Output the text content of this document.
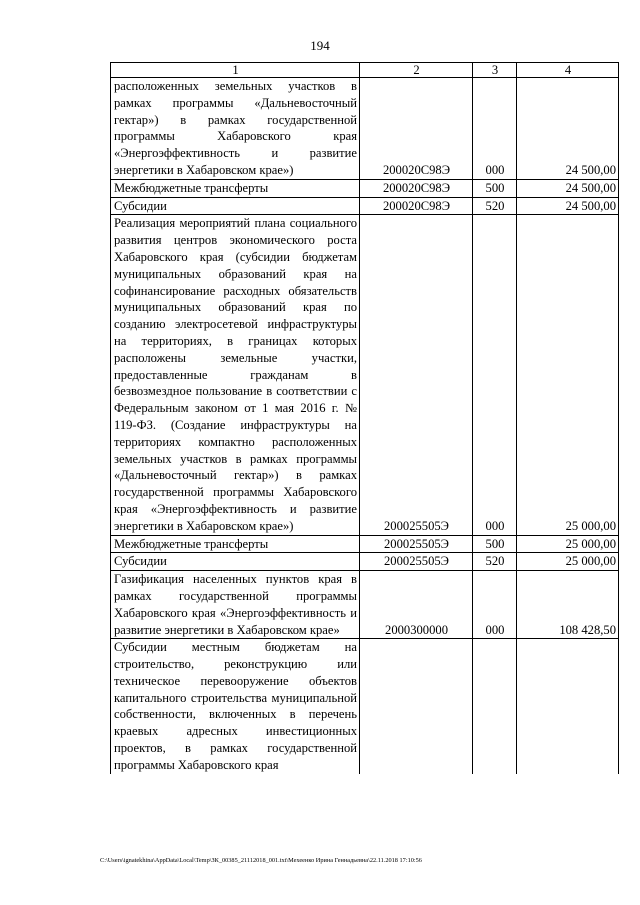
194
1	2	3	4
расположенных земельных участков в рамках программы «Дальневосточный гектар») в рамках государственной программы Хабаровского края «Энергоэффективность и развитие энергетики в Хабаровском крае»)	200020С98Э	000	24 500,00
Межбюджетные трансферты	200020С98Э	500	24 500,00
Субсидии	200020С98Э	520	24 500,00
Реализация мероприятий плана социального развития центров экономического роста Хабаровского края (субсидии бюджетам муниципальных образований края на софинансирование расходных обязательств муниципальных образований края по созданию электросетевой инфраструктуры на территориях, в границах которых расположены земельные участки, предоставленные гражданам в безвозмездное пользование в соответствии с Федеральным законом от 1 мая 2016 г. № 119-ФЗ. (Создание инфраструктуры на территориях компактно расположенных земельных участков в рамках программы «Дальневосточный гектар») в рамках государственной программы Хабаровского края «Энергоэффективность и развитие энергетики в Хабаровском крае»)	200025505Э	000	25 000,00
Межбюджетные трансферты	200025505Э	500	25 000,00
Субсидии	200025505Э	520	25 000,00
Газификация населенных пунктов края в рамках государственной программы Хабаровского края «Энергоэффективность и развитие энергетики в Хабаровском крае»	2000300000	000	108 428,50
Субсидии местным бюджетам на строительство, реконструкцию или техническое перевооружение объектов капитального строительства муниципальной собственности, включенных в перечень краевых адресных инвестиционных проектов, в рамках государственной программы Хабаровского края			
C:\Users\ignatekhina\AppData\Local\Temp\ЗК_00385_21112018_001.txt\Мехеенко Ирина Геннадьевна\22.11.2018 17:10:56
